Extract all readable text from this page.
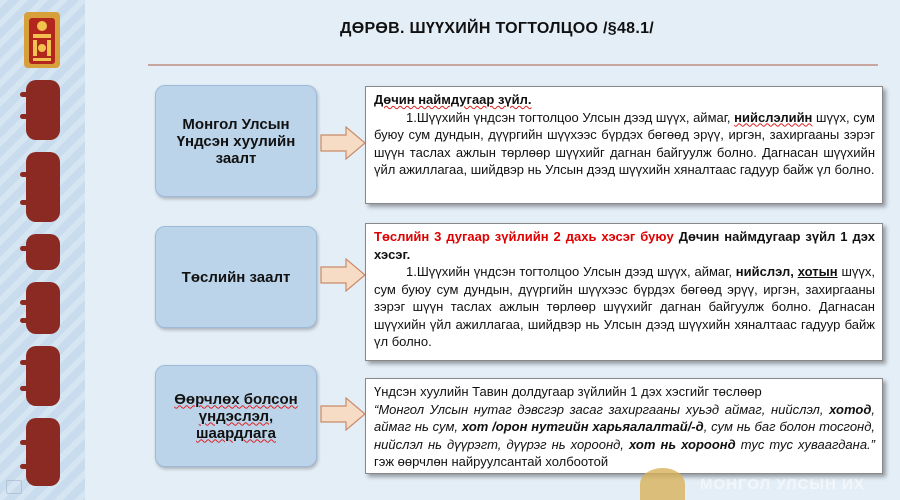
ДӨРӨВ. ШҮҮХИЙН ТОГТОЛЦОО /§48.1/
Монгол Улсын
Үндсэн хуулийн
заалт
Дөчин наймдугаар зүйл.
1.Шүүхийн үндсэн тогтолцоо Улсын дээд шүүх, аймаг, нийслэлийн шүүх, сум буюу сум дундын, дүүргийн шүүхээс бүрдэх бөгөөд эрүү, иргэн, захиргааны зэрэг шүүн таслах ажлын төрлөөр шүүхийг дагнан байгуулж болно. Дагнасан шүүхийн үйл ажиллагаа, шийдвэр нь Улсын дээд шүүхийн хяналтаас гадуур байж үл болно.
Төслийн заалт
Төслийн 3 дугаар зүйлийн 2 дахь хэсэг буюу Дөчин наймдугаар зүйл 1 дэх хэсэг.
1.Шүүхийн үндсэн тогтолцоо Улсын дээд шүүх, аймаг, нийслэл, хотын шүүх, сум буюу сум дундын, дүүргийн шүүхээс бүрдэх бөгөөд эрүү, иргэн, захиргааны зэрэг шүүн таслах ажлын төрлөөр шүүхийг дагнан байгуулж болно. Дагнасан шүүхийн үйл ажиллагаа, шийдвэр нь Улсын дээд шүүхийн хяналтаас гадуур байж үл болно.
Өөрчлөх болсон
үндэслэл,
шаардлага
Үндсэн хуулийн Тавин долдугаар зүйлийн 1 дэх хэсгийг төслөөр
“Монгол Улсын нутаг дэвсгэр засаг захиргааны хуьэд аймаг, нийслэл, хотод, аймаг нь сум, хот /орон нутгийн харьяалалтай/-д, сум нь баг болон тосгонд, нийслэл нь дүүрэгт, дүүрэг нь хороонд, хот нь хороонд тус тус хуваагдана.” гэж өөрчлөн найруулсантай холбоотой
МОНГОЛ УЛСЫН ИХ
